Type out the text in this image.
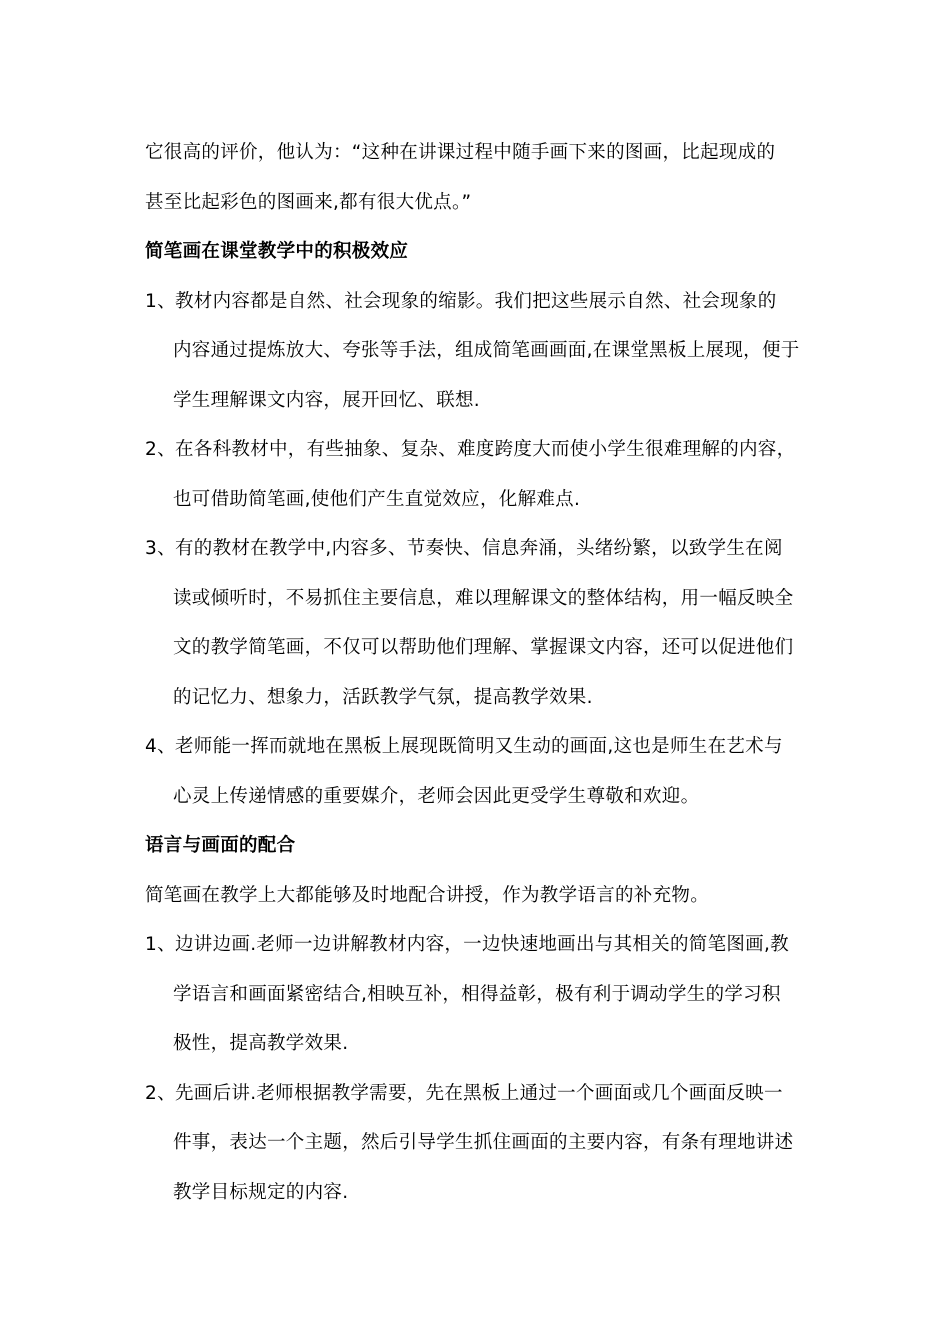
它很高的评价，他认为：“这种在讲课过程中随手画下来的图画，比起现成的
甚至比起彩色的图画来,都有很大优点。”
简笔画在课堂教学中的积极效应
1、教材内容都是自然、社会现象的缩影。我们把这些展示自然、社会现象的
内容通过提炼放大、夸张等手法，组成简笔画画面,在课堂黑板上展现，便于
学生理解课文内容，展开回忆、联想.
2、在各科教材中，有些抽象、复杂、难度跨度大而使小学生很难理解的内容，
也可借助简笔画,使他们产生直觉效应，化解难点.
3、有的教材在教学中,内容多、节奏快、信息奔涌，头绪纷繁，以致学生在阅
读或倾听时，不易抓住主要信息，难以理解课文的整体结构，用一幅反映全
文的教学简笔画，不仅可以帮助他们理解、掌握课文内容，还可以促进他们
的记忆力、想象力，活跃教学气氛，提高教学效果.
4、老师能一挥而就地在黑板上展现既简明又生动的画面,这也是师生在艺术与
心灵上传递情感的重要媒介，老师会因此更受学生尊敬和欢迎。
语言与画面的配合
简笔画在教学上大都能够及时地配合讲授，作为教学语言的补充物。
1、边讲边画.老师一边讲解教材内容，一边快速地画出与其相关的简笔图画,教
学语言和画面紧密结合,相映互补，相得益彰，极有利于调动学生的学习积
极性，提高教学效果.
2、先画后讲.老师根据教学需要，先在黑板上通过一个画面或几个画面反映一
件事，表达一个主题，然后引导学生抓住画面的主要内容，有条有理地讲述
教学目标规定的内容.
